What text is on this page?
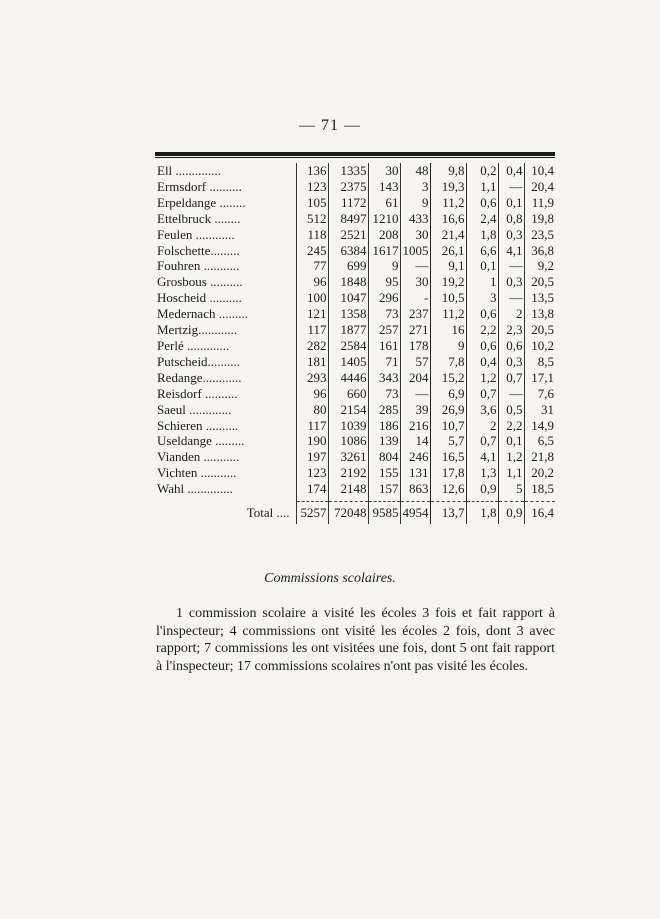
— 71 —
Ell ..............	136	1335	30	48	9,8	0,2	0,4	10,4
Ermsdorf ..........	123	2375	143	3	19,3	1,1	—	20,4
Erpeldange ........	105	1172	61	9	11,2	0,6	0,1	11,9
Ettelbruck ........	512	8497	1210	433	16,6	2,4	0,8	19,8
Feulen ............	118	2521	208	30	21,4	1,8	0,3	23,5
Folschette.........	245	6384	1617	1005	26,1	6,6	4,1	36,8
Fouhren ...........	77	699	9	—	9,1	0,1	—	9,2
Grosbous ..........	96	1848	95	30	19,2	1	0,3	20,5
Hoscheid ..........	100	1047	296	-	10,5	3	—	13,5
Medernach .........	121	1358	73	237	11,2	0,6	2	13,8
Mertzig............	117	1877	257	271	16	2,2	2,3	20,5
Perlé .............	282	2584	161	178	9	0,6	0,6	10,2
Putscheid..........	181	1405	71	57	7,8	0,4	0,3	8,5
Redange............	293	4446	343	204	15,2	1,2	0,7	17,1
Reisdorf ..........	96	660	73	—	6,9	0,7	—	7,6
Saeul .............	80	2154	285	39	26,9	3,6	0,5	31
Schieren ..........	117	1039	186	216	10,7	2	2,2	14,9
Useldange .........	190	1086	139	14	5,7	0,7	0,1	6,5
Vianden ...........	197	3261	804	246	16,5	4,1	1,2	21,8
Vichten ...........	123	2192	155	131	17,8	1,3	1,1	20,2
Wahl ..............	174	2148	157	863	12,6	0,9	5	18,5

Total ....	5257	72048	9585	4954	13,7	1,8	0,9	16,4
Commissions scolaires.

1 commission scolaire a visité les écoles 3 fois et fait rapport à l'inspecteur; 4 commissions ont visité les écoles 2 fois, dont 3 avec rapport; 7 commissions les ont visitées une fois, dont 5 ont fait rapport à l'inspecteur; 17 commissions scolaires n'ont pas visité les écoles.
